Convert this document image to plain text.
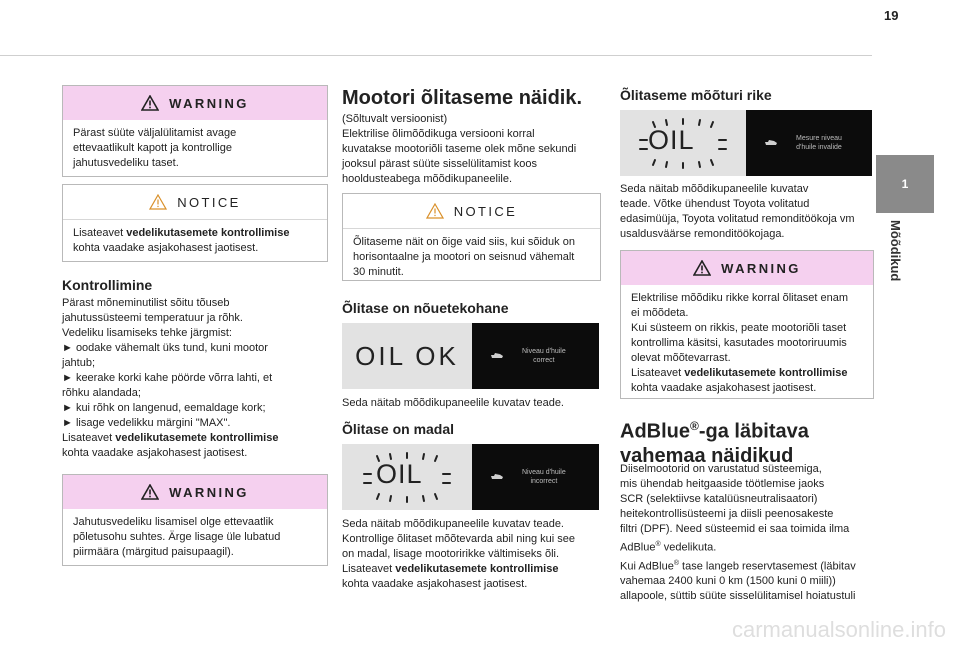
19
1
Mõõdikud
WARNING
Pärast süüte väljalülitamist avage
ettevaatlikult kapott ja kontrollige
jahutusvedeliku taset.
NOTICE
Lisateavet vedelikutasemete kontrollimise
kohta vaadake asjakohasest jaotisest.
Kontrollimine
Pärast mõneminutilist sõitu tõuseb
jahutussüsteemi temperatuur ja rõhk.
Vedeliku lisamiseks tehke järgmist:
► oodake vähemalt üks tund, kuni mootor
jahtub;
► keerake korki kahe pöörde võrra lahti, et
rõhku alandada;
► kui rõhk on langenud, eemaldage kork;
► lisage vedelikku märgini "MAX".
Lisateavet vedelikutasemete kontrollimise
kohta vaadake asjakohasest jaotisest.
WARNING
Jahutusvedeliku lisamisel olge ettevaatlik
põletusohu suhtes. Ärge lisage üle lubatud
piirmäära (märgitud paisupaagil).
Mootori õlitaseme näidik.
(Sõltuvalt versioonist)
Elektrilise õlimõõdikuga versiooni korral
kuvatakse mootoriõli taseme olek mõne sekundi
jooksul pärast süüte sisselülitamist koos
hooldusteabega mõõdikupaneelile.
NOTICE
Õlitaseme näit on õige vaid siis, kui sõiduk on
horisontaalne ja mootori on seisnud vähemalt
30 minutit.
Õlitase on nõuetekohane
OIL OK	Niveau d'huile
correct
Seda näitab mõõdikupaneelile kuvatav teade.
Õlitase on madal
OIL	Niveau d'huile
incorrect
Seda näitab mõõdikupaneelile kuvatav teade.
Kontrollige õlitaset mõõtevarda abil ning kui see
on madal, lisage mootoririkke vältimiseks õli.
Lisateavet vedelikutasemete kontrollimise
kohta vaadake asjakohasest jaotisest.
Õlitaseme mõõturi rike
OIL	Mesure niveau
d'huile invalide
Seda näitab mõõdikupaneelile kuvatav
teade. Võtke ühendust Toyota volitatud
edasimüüja, Toyota volitatud remonditöökoja vm
usaldusväärse remonditöökojaga.
WARNING
Elektrilise mõõdiku rikke korral õlitaset enam
ei mõõdeta.
Kui süsteem on rikkis, peate mootoriõli taset
kontrollima käsitsi, kasutades mootoriruumis
olevat mõõtevarrast.
Lisateavet vedelikutasemete kontrollimise
kohta vaadake asjakohasest jaotisest.
AdBlue®-ga läbitava
vahemaa näidikud
Diiselmootorid on varustatud süsteemiga,
mis ühendab heitgaaside töötlemise jaoks
SCR (selektiivse katalüüsneutralisaatori)
heitekontrollisüsteemi ja diisli peenosakeste
filtri (DPF). Need süsteemid ei saa toimida ilma
AdBlue® vedelikuta.
Kui AdBlue® tase langeb reservtasemest (läbitav
vahemaa 2400 kuni 0 km (1500 kuni 0 miili))
allapoole, süttib süüte sisselülitamisel hoiatustuli
carmanualsonline.info
